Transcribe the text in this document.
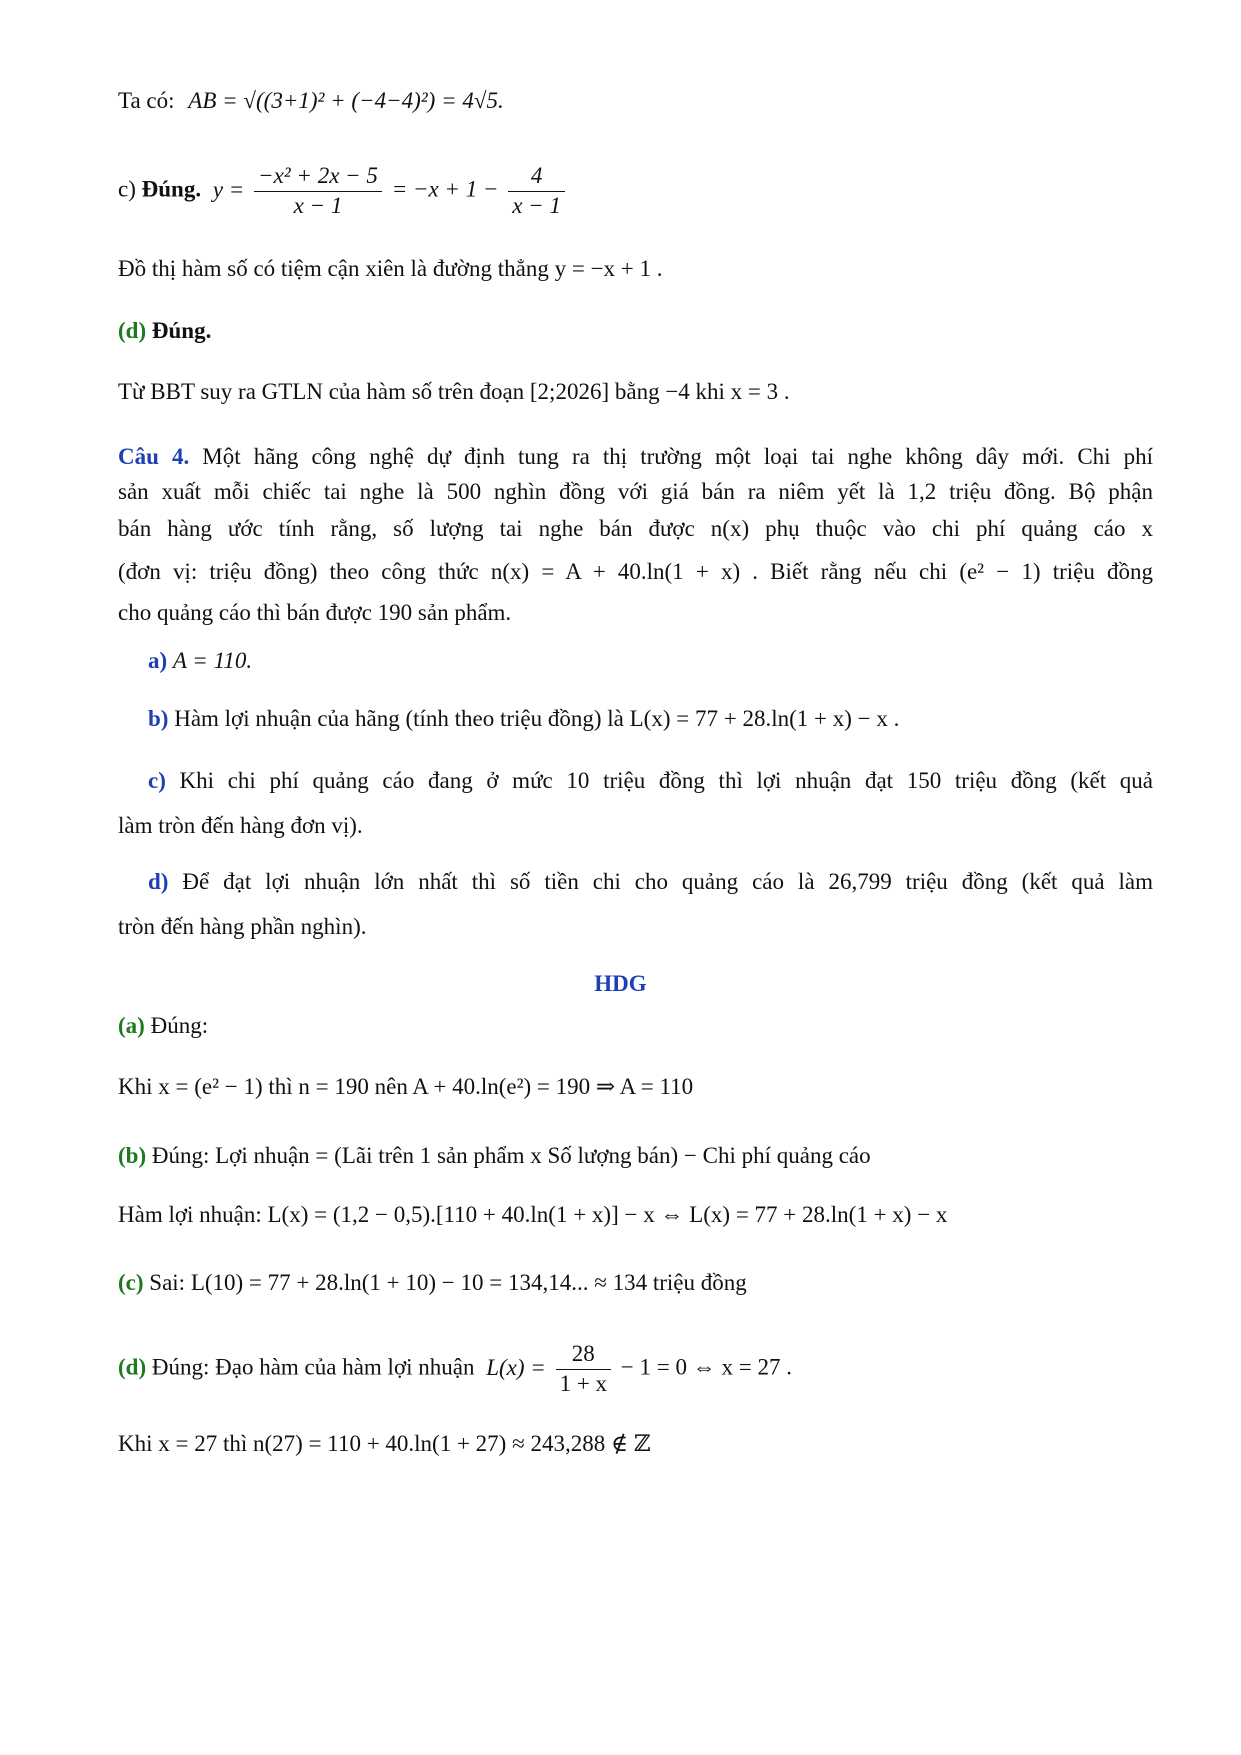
Ta có: AB = √((3+1)² + (−4−4)²) = 4√5.
c) Đúng. $y = \frac{\text{−x² + 2x − 5}}{x - 1} = -x + 1 - \frac{4}{x - 1}$
Đồ thị hàm số có tiệm cận xiên là đường thẳng y = −x + 1 .
(d) Đúng.
Từ BBT suy ra GTLN của hàm số trên đoạn [2;2026] bằng −4 khi x = 3 .
Câu 4. Một hãng công nghệ dự định tung ra thị trường một loại tai nghe không dây mới. Chi phí
sản xuất mỗi chiếc tai nghe là 500 nghìn đồng với giá bán ra niêm yết là 1,2 triệu đồng. Bộ phận
bán hàng ước tính rằng, số lượng tai nghe bán được n(x) phụ thuộc vào chi phí quảng cáo x
(đơn vị: triệu đồng) theo công thức n(x) = A + 40.ln(1 + x) . Biết rằng nếu chi (e² − 1) triệu đồng
cho quảng cáo thì bán được 190 sản phẩm.
a) A = 110.
b) Hàm lợi nhuận của hãng (tính theo triệu đồng) là L(x) = 77 + 28.ln(1 + x) − x .
c) Khi chi phí quảng cáo đang ở mức 10 triệu đồng thì lợi nhuận đạt 150 triệu đồng (kết quả
làm tròn đến hàng đơn vị).
d) Để đạt lợi nhuận lớn nhất thì số tiền chi cho quảng cáo là 26,799 triệu đồng (kết quả làm
tròn đến hàng phần nghìn).
HDG
(a) Đúng:
Khi x = (e² − 1) thì n = 190 nên A + 40.ln(e²) = 190 ⇒ A = 110
(b) Đúng: Lợi nhuận = (Lãi trên 1 sản phẩm x Số lượng bán) − Chi phí quảng cáo
Hàm lợi nhuận: L(x) = (1,2 − 0,5).[110 + 40.ln(1 + x)] − x ⇔ L(x) = 77 + 28.ln(1 + x) − x
(c) Sai: L(10) = 77 + 28.ln(1 + 10) − 10 = 134,14... ≈ 134 triệu đồng
(d) Đúng: Đạo hàm của hàm lợi nhuận $L(x) = \frac{28}{1 + x} - 1 = 0$ ⇔ x = 27 .
Khi x = 27 thì n(27) = 110 + 40.ln(1 + 27) ≈ 243,288 ∉ ℤ
